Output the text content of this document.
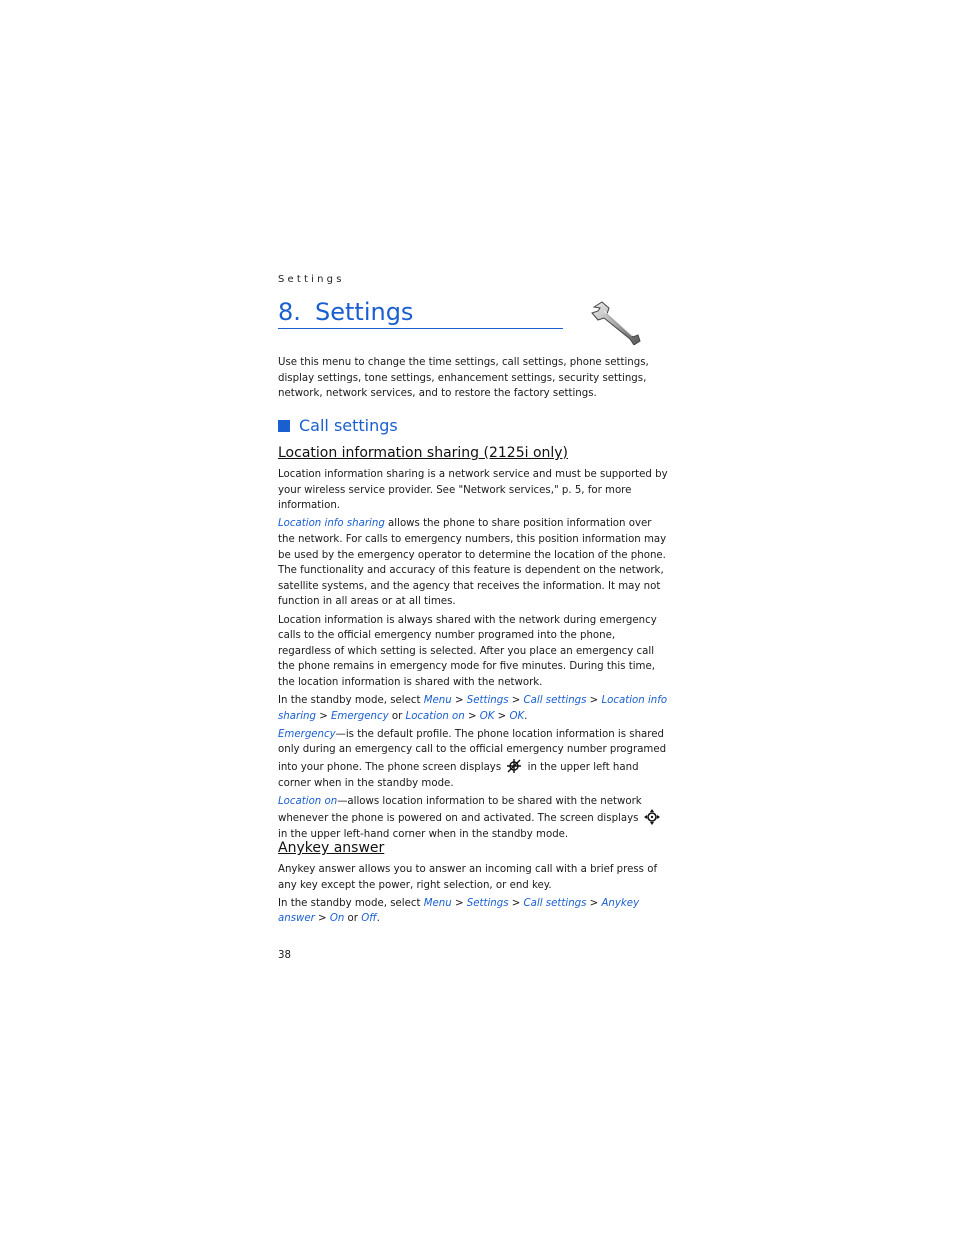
Settings
8. Settings
Use this menu to change the time settings, call settings, phone settings, display settings, tone settings, enhancement settings, security settings, network, network services, and to restore the factory settings.
Call settings
Location information sharing (2125i only)

Location information sharing is a network service and must be supported by your wireless service provider. See "Network services," p. 5, for more information.

Location info sharing allows the phone to share position information over the network. For calls to emergency numbers, this position information may be used by the emergency operator to determine the location of the phone. The functionality and accuracy of this feature is dependent on the network, satellite systems, and the agency that receives the information. It may not function in all areas or at all times.

Location information is always shared with the network during emergency calls to the official emergency number programed into the phone, regardless of which setting is selected. After you place an emergency call the phone remains in emergency mode for five minutes. During this time, the location information is shared with the network.

In the standby mode, select Menu > Settings > Call settings > Location info sharing > Emergency or Location on > OK > OK.

Emergency—is the default profile. The phone location information is shared only during an emergency call to the official emergency number programed into your phone. The phone screen displays  in the upper left hand corner when in the standby mode.

Location on—allows location information to be shared with the network whenever the phone is powered on and activated. The screen displays  in the upper left-hand corner when in the standby mode.

Anykey answer

Anykey answer allows you to answer an incoming call with a brief press of any key except the power, right selection, or end key.

In the standby mode, select Menu > Settings > Call settings > Anykey answer > On or Off.

38
